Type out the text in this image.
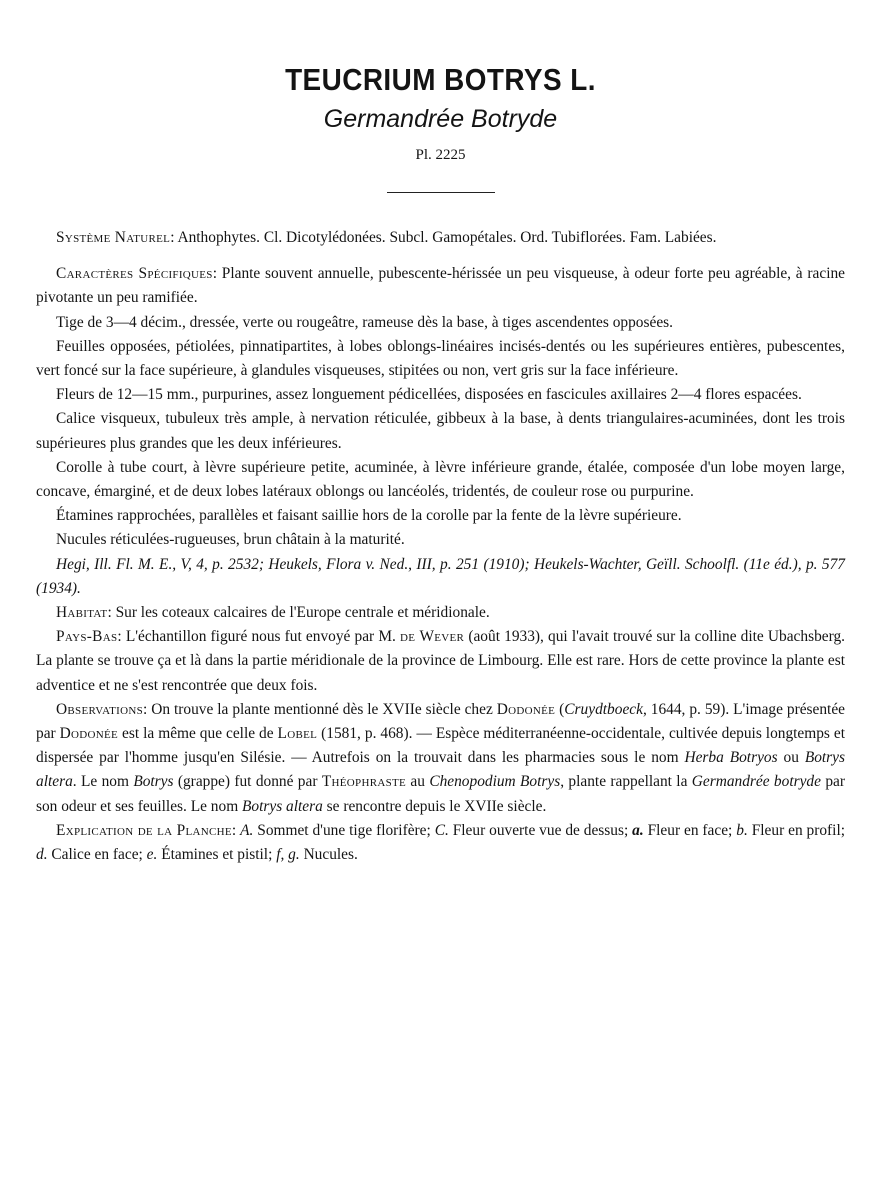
TEUCRIUM BOTRYS L.

Germandrée Botryde

Pl. 2225

Système Naturel: Anthophytes. Cl. Dicotylédonées. Subcl. Gamopétales. Ord. Tubiflorées. Fam. Labiées.

Caractères Spécifiques: Plante souvent annuelle, pubescente-hérissée un peu visqueuse, à odeur forte peu agréable, à racine pivotante un peu ramifiée.

Tige de 3—4 décim., dressée, verte ou rougeâtre, rameuse dès la base, à tiges ascendentes opposées.

Feuilles opposées, pétiolées, pinnatipartites, à lobes oblongs-linéaires incisés-dentés ou les supérieures entières, pubescentes, vert foncé sur la face supérieure, à glandules visqueuses, stipitées ou non, vert gris sur la face inférieure.

Fleurs de 12—15 mm., purpurines, assez longuement pédicellées, disposées en fascicules axillaires 2—4 flores espacées.

Calice visqueux, tubuleux très ample, à nervation réticulée, gibbeux à la base, à dents triangulaires-acuminées, dont les trois supérieures plus grandes que les deux inférieures.

Corolle à tube court, à lèvre supérieure petite, acuminée, à lèvre inférieure grande, étalée, composée d'un lobe moyen large, concave, émarginé, et de deux lobes latéraux oblongs ou lancéolés, tridentés, de couleur rose ou purpurine.

Étamines rapprochées, parallèles et faisant saillie hors de la corolle par la fente de la lèvre supérieure.

Nucules réticulées-rugueuses, brun châtain à la maturité.

Hegi, Ill. Fl. M. E., V, 4, p. 2532; Heukels, Flora v. Ned., III, p. 251 (1910); Heukels-Wachter, Geïll. Schoolfl. (11e éd.), p. 577 (1934).

Habitat: Sur les coteaux calcaires de l'Europe centrale et méridionale.

Pays-Bas: L'échantillon figuré nous fut envoyé par M. de Wever (août 1933), qui l'avait trouvé sur la colline dite Ubachsberg. La plante se trouve ça et là dans la partie méridionale de la province de Limbourg. Elle est rare. Hors de cette province la plante est adventice et ne s'est rencontrée que deux fois.

Observations: On trouve la plante mentionné dès le XVIIe siècle chez Dodonée (Cruydtboeck, 1644, p. 59). L'image présentée par Dodonée est la même que celle de Lobel (1581, p. 468). — Espèce méditerranéenne-occidentale, cultivée depuis longtemps et dispersée par l'homme jusqu'en Silésie. — Autrefois on la trouvait dans les pharmacies sous le nom Herba Botryos ou Botrys altera. Le nom Botrys (grappe) fut donné par Théophraste au Chenopodium Botrys, plante rappellant la Germandrée botryde par son odeur et ses feuilles. Le nom Botrys altera se rencontre depuis le XVIIe siècle.

Explication de la Planche: A. Sommet d'une tige florifère; C. Fleur ouverte vue de dessus; a. Fleur en face; b. Fleur en profil; d. Calice en face; e. Étamines et pistil; f, g. Nucules.
